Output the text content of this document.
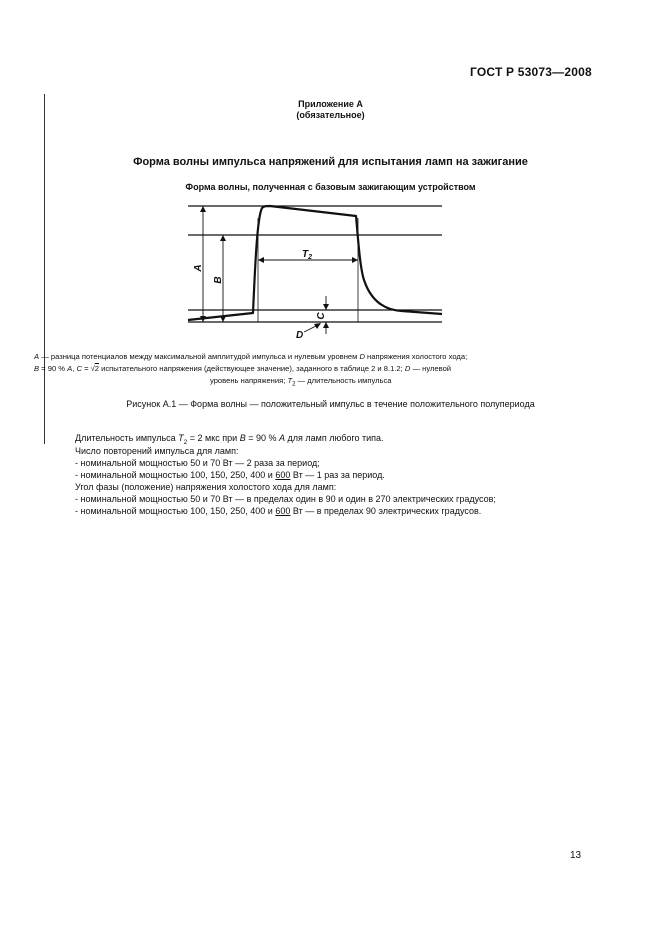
ГОСТ Р 53073—2008
Приложение А
(обязательное)
Форма волны импульса напряжений для испытания ламп на зажигание
Форма волны, полученная с базовым зажигающим устройством
A
B
$T_2$
C
D
A — разница потенциалов между максимальной амплитудой импульса и нулевым уровнем D напряжения холостого хода;
B = 90 % A, C = √2 испытательного напряжения (действующее значение), заданного в таблице 2 и 8.1.2; D — нулевой
уровень напряжения; $T_2$ — длительность импульса
Рисунок А.1 — Форма волны — положительный импульс в течение положительного полупериода
Длительность импульса $T_2 = 2$ мкс при B = 90 % A для ламп любого типа.
Число повторений импульса для ламп:
- номинальной мощностью 50 и 70 Вт — 2 раза за период;
- номинальной мощностью 100, 150, 250, 400 и 600 Вт — 1 раз за период.
Угол фазы (положение) напряжения холостого хода для ламп:
- номинальной мощностью 50 и 70 Вт — в пределах один в 90 и один в 270 электрических градусов;
- номинальной мощностью 100, 150, 250, 400 и 600 Вт — в пределах 90 электрических градусов.
13
